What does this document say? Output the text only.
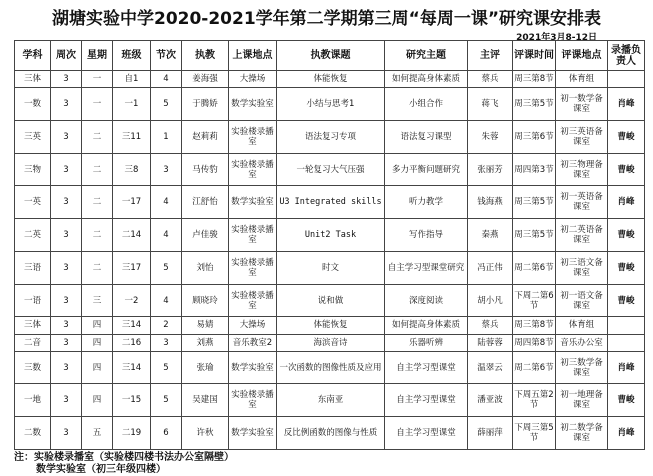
湖塘实验中学2020-2021学年第二学期第三周“每周一课”研究课安排表
2021年3月8-12日
学科	周次	星期	班级	节次	执教	上课地点	执教课题	研究主题	主评	评课时间	评课地点	录播负责人
三体	3	一	自1	4	姜海强	大操场	体能恢复	如何提高身体素质	蔡兵	周三第8节	体育组	
一数	3	一	一1	5	于腾娇	数学实验室	小结与思考1	小组合作	蒋飞	周三第5节	初一数学备课室	肖峰
三英	3	二	三11	1	赵莉莉	实验楼录播室	语法复习专项	语法复习课型	朱蓉	周三第6节	初三英语备课室	曹峻
三物	3	二	三8	3	马传豹	实验楼录播室	一轮复习大气压强	多力平衡问题研究	张丽芳	周四第3节	初三物理备课室	曹峻
一英	3	二	一17	4	江舒怡	数学实验室	U3 Integrated skills	听力教学	钱海燕	周三第5节	初一英语备课室	肖峰
二英	3	二	二14	4	卢佳骏	实验楼录播室	Unit2 Task	写作指导	秦燕	周三第5节	初二英语备课室	曹峻
三语	3	二	三17	5	刘怡	实验楼录播室	时文	自主学习型课堂研究	冯正伟	周二第6节	初三语文备课室	曹峻
一语	3	三	一2	4	顾晓玲	实验楼录播室	说和做	深度阅读	胡小凡	下周二第6节	初一语文备课室	曹峻
三体	3	四	三14	2	易婧	大操场	体能恢复	如何提高身体素质	蔡兵	周三第8节	体育组	
二音	3	四	二16	3	刘燕	音乐教室2	海滨音诗	乐器听辨	陆蓉蓉	周四第8节	音乐办公室	
三数	3	四	三14	5	张瑜	数学实验室	一次函数的图像性质及应用	自主学习型课堂	温翠云	周二第6节	初三数学备课室	肖峰
一地	3	四	一15	5	吴建国	实验楼录播室	东南亚	自主学习型课堂	潘亚波	下周五第2节	初一地理备课室	曹峻
二数	3	五	二19	6	许秋	数学实验室	反比例函数的图像与性质	自主学习型课堂	薛丽萍	下周三第5节	初二数学备课室	肖峰
注：实验楼录播室（实验楼四楼书法办公室隔壁）
数学实验室（初三年级四楼）
